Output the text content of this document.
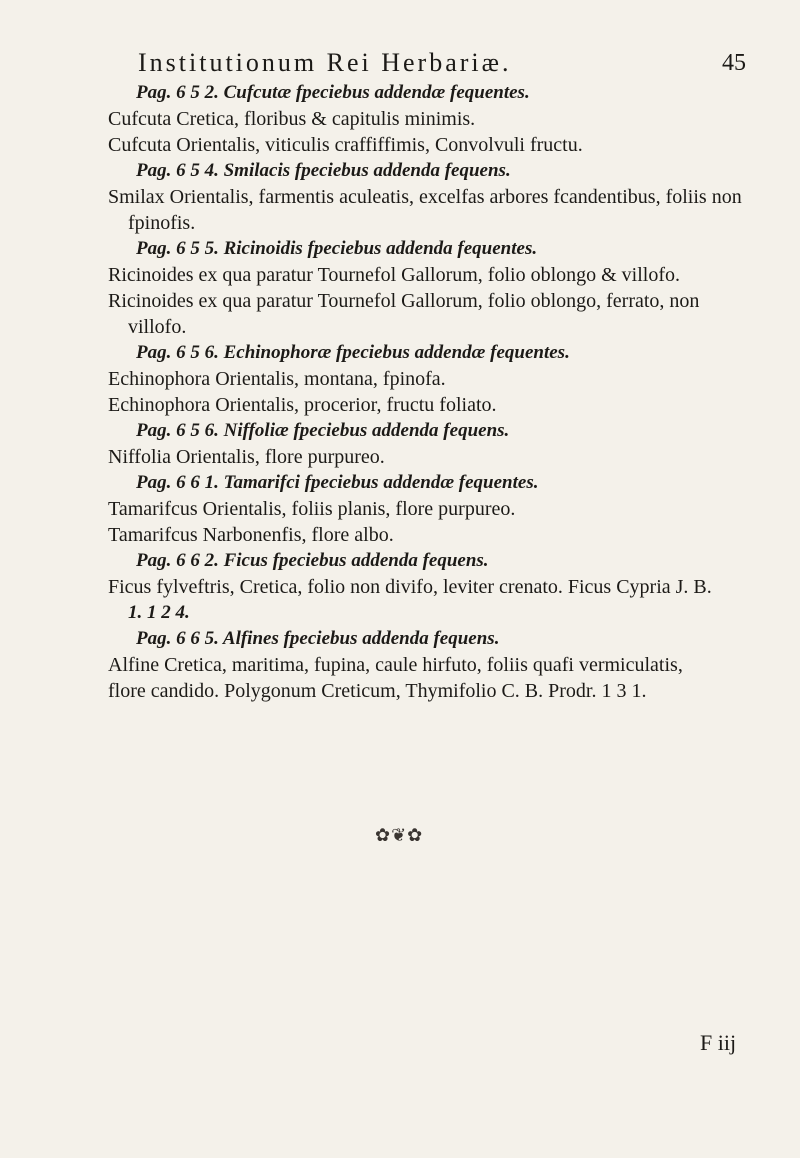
Institutionum Rei Herbariæ.	45
Pag. 6 5 2. Cufcutæ fpeciebus addendæ fequentes.
Cufcuta Cretica, floribus & capitulis minimis.
Cufcuta Orientalis, viticulis craffiffimis, Convolvuli fructu.
Pag. 6 5 4. Smilacis fpeciebus addenda fequens.
Smilax Orientalis, farmentis aculeatis, excelfas arbores fcandentibus, foliis non
fpinofis.
Pag. 6 5 5. Ricinoidis fpeciebus addenda fequentes.
Ricinoides ex qua paratur Tournefol Gallorum, folio oblongo & villofo.
Ricinoides ex qua paratur Tournefol Gallorum, folio oblongo, ferrato, non
villofo.
Pag. 6 5 6. Echinophoræ fpeciebus addendæ fequentes.
Echinophora Orientalis, montana, fpinofa.
Echinophora Orientalis, procerior, fructu foliato.
Pag. 6 5 6. Niffoliæ fpeciebus addenda fequens.
Niffolia Orientalis, flore purpureo.
Pag. 6 6 1. Tamarifci fpeciebus addendæ fequentes.
Tamarifcus Orientalis, foliis planis, flore purpureo.
Tamarifcus Narbonenfis, flore albo.
Pag. 6 6 2. Ficus fpeciebus addenda fequens.
Ficus fylveftris, Cretica, folio non divifo, leviter crenato. Ficus Cypria J. B.
1. 1 2 4.
Pag. 6 6 5. Alfines fpeciebus addenda fequens.
Alfine Cretica, maritima, fupina, caule hirfuto, foliis quafi vermiculatis,
flore candido. Polygonum Creticum, Thymifolio C. B. Prodr. 1 3 1.
✿❦✿
F iij
